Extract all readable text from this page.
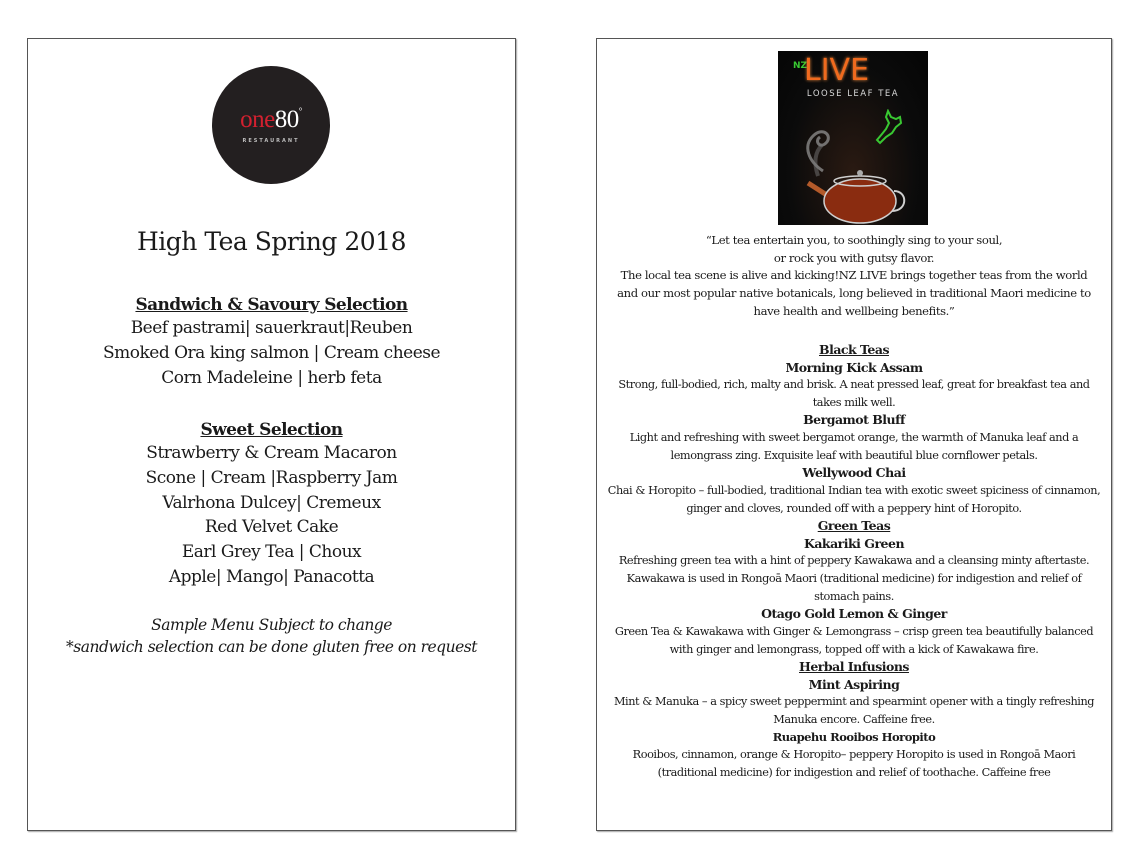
one80°
RESTAURANT
High Tea Spring 2018
Sandwich & Savoury Selection
Beef pastrami| sauerkraut|Reuben
Smoked Ora king salmon | Cream cheese
Corn Madeleine | herb feta
Sweet Selection
Strawberry & Cream Macaron
Scone | Cream |Raspberry Jam
Valrhona Dulcey| Cremeux
Red Velvet Cake
Earl Grey Tea | Choux
Apple| Mango| Panacotta
Sample Menu Subject to change
*sandwich selection can be done gluten free on request
NZ
LIVE
LOOSE LEAF TEA
“Let tea entertain you, to soothingly sing to your soul,
or rock you with gutsy flavor.
The local tea scene is alive and kicking!NZ LIVE brings together teas from the world and our most popular native botanicals, long believed in traditional Maori medicine to have health and wellbeing benefits.”
Black Teas
Morning Kick Assam
Strong, full-bodied, rich, malty and brisk. A neat pressed leaf, great for breakfast tea and takes milk well.
Bergamot Bluff
Light and refreshing with sweet bergamot orange, the warmth of Manuka leaf and a lemongrass zing. Exquisite leaf with beautiful blue cornflower petals.
Wellywood Chai
Chai & Horopito – full-bodied, traditional Indian tea with exotic sweet spiciness of cinnamon, ginger and cloves, rounded off with a peppery hint of Horopito.
Green Teas
Kakariki Green
Refreshing green tea with a hint of peppery Kawakawa and a cleansing minty aftertaste. Kawakawa is used in Rongoā Maori (traditional medicine) for indigestion and relief of stomach pains.
Otago Gold Lemon & Ginger
Green Tea & Kawakawa with Ginger & Lemongrass – crisp green tea beautifully balanced with ginger and lemongrass, topped off with a kick of Kawakawa fire.
Herbal Infusions
Mint Aspiring
Mint & Manuka – a spicy sweet peppermint and spearmint opener with a tingly refreshing Manuka encore. Caffeine free.
Ruapehu Rooibos Horopito
Rooibos, cinnamon, orange & Horopito– peppery Horopito is used in Rongoā Maori (traditional medicine) for indigestion and relief of toothache. Caffeine free
